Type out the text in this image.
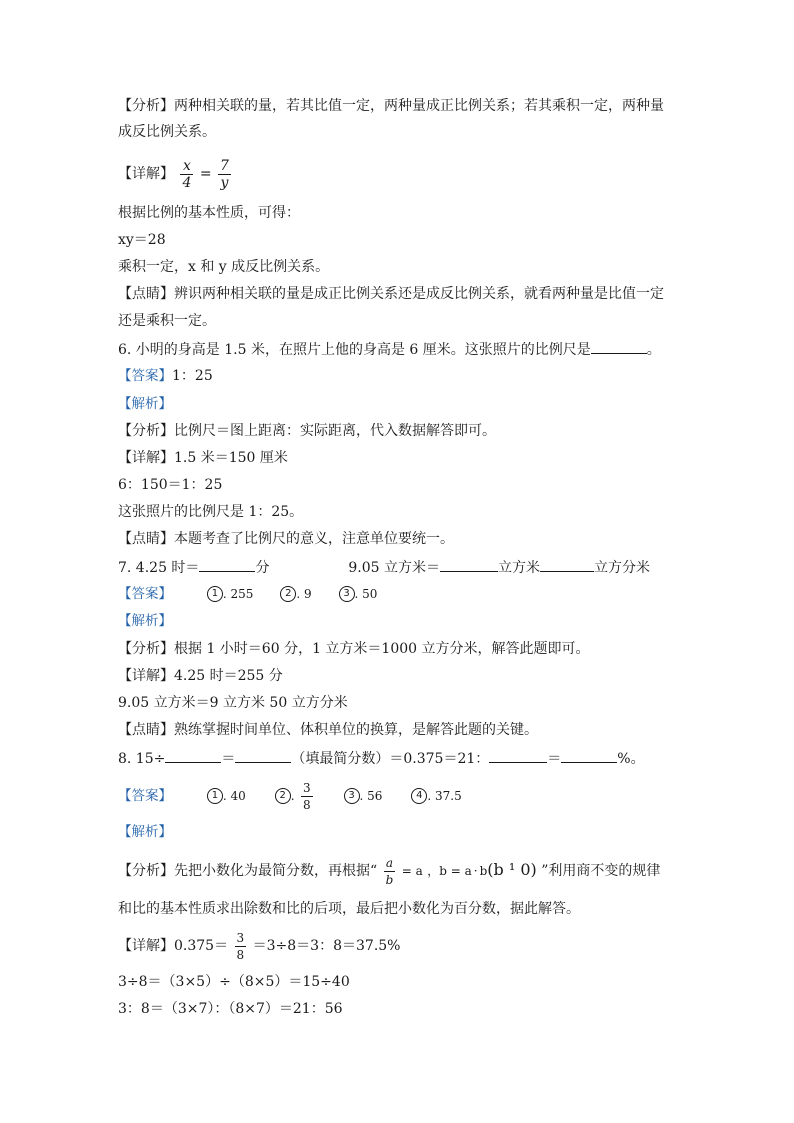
【分析】两种相关联的量，若其比值一定，两种量成正比例关系；若其乘积一定，两种量
成反比例关系。
【详解】 $\frac{x}{4} = \frac{7}{y}$
根据比例的基本性质，可得：
xy＝28
乘积一定，x 和 y 成反比例关系。
【点睛】辨识两种相关联的量是成正比例关系还是成反比例关系，就看两种量是比值一定
还是乘积一定。
6. 小明的身高是 1.5 米，在照片上他的身高是 6 厘米。这张照片的比例尺是	。
【答案】1：25
【解析】
【分析】比例尺＝图上距离：实际距离，代入数据解答即可。
【详解】1.5 米＝150 厘米
6：150＝1：25
这张照片的比例尺是 1：25。
【点睛】本题考查了比例尺的意义，注意单位要统一。
7. 4.25 时＝	分	9.05 立方米＝	立方米	立方分米
【答案】	1 . 255	2 . 9	3 . 50
【解析】
【分析】根据 1 小时＝60 分，1 立方米＝1000 立方分米，解答此题即可。
【详解】4.25 时＝255 分
9.05 立方米＝9 立方米 50 立方分米
【点睛】熟练掌握时间单位、体积单位的换算，是解答此题的关键。
8. 15÷	＝	（填最简分数）＝0.375＝21：	＝	%。
【答案】	1 . 40	2 . $\frac{3}{8}$	3 . 56	4 . 37.5
【解析】
【分析】先把小数化为最简分数，再根据“ $\frac{a}{b} = a$ ，b = a · b(b ¹ 0) ”利用商不变的规律
和比的基本性质求出除数和比的后项，最后把小数化为百分数，据此解答。
【详解】$0.375= \frac{3}{8} =3\div 8=3$：8＝37.5%
3÷8＝（3×5）÷（8×5）＝15÷40
3：8＝（3×7）：（8×7）＝21：56
